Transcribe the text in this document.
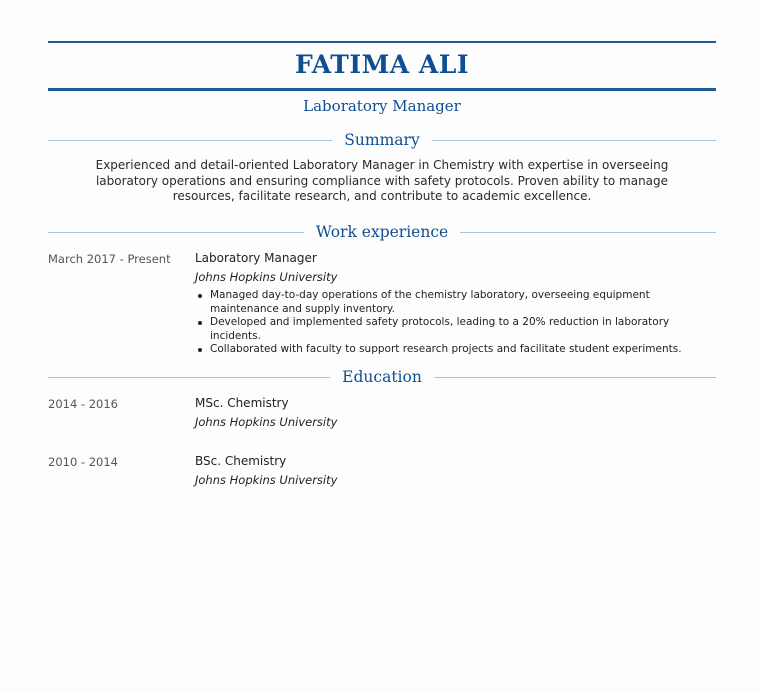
FATIMA ALI
Laboratory Manager
Summary

Experienced and detail-oriented Laboratory Manager in Chemistry with expertise in overseeing laboratory operations and ensuring compliance with safety protocols. Proven ability to manage resources, facilitate research, and contribute to academic excellence.

Work experience
March 2017 - Present Laboratory Manager
Johns Hopkins University
Managed day-to-day operations of the chemistry laboratory, overseeing equipment maintenance and supply inventory.
Developed and implemented safety protocols, leading to a 20% reduction in laboratory incidents.
Collaborated with faculty to support research projects and facilitate student experiments.
Education
2014 - 2016	MSc. Chemistry
Johns Hopkins University
2010 - 2014	BSc. Chemistry
Johns Hopkins University
